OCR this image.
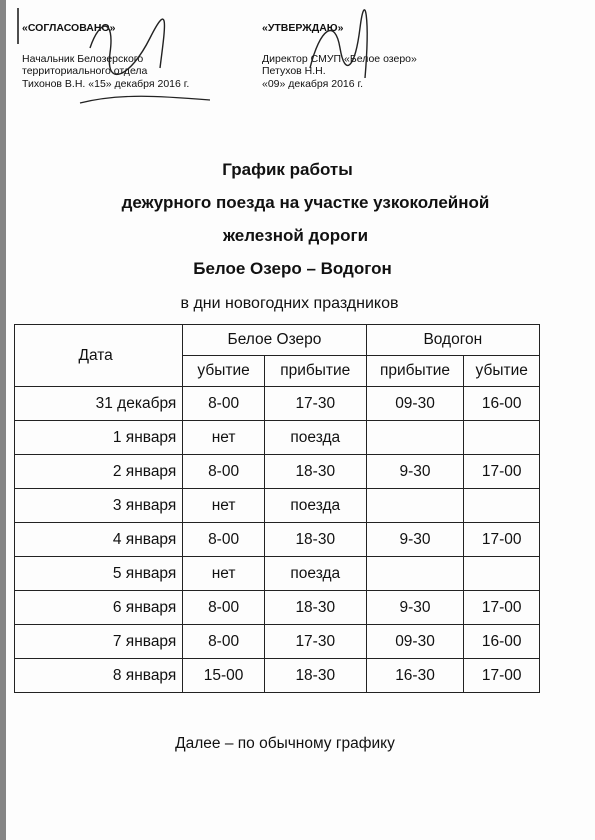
«СОГЛАСОВАНО»
Начальник Белозерского
территориального отдела
Тихонов В.Н. «15» декабря 2016 г.
«УТВЕРЖДАЮ»
Директор СМУП «Белое озеро»
Петухов Н.Н.
«09» декабря 2016 г.
График работы
дежурного поезда на участке узкоколейной
железной дороги
Белое Озеро – Водогон
в дни новогодних праздников
Дата	Белое Озеро		Водогон	
	убытие	прибытие	прибытие	убытие
31 декабря	8-00	17-30	09-30	16-00
1 января	нет	поезда		
2 января	8-00	18-30	9-30	17-00
3 января	нет	поезда		
4 января	8-00	18-30	9-30	17-00
5 января	нет	поезда		
6 января	8-00	18-30	9-30	17-00
7 января	8-00	17-30	09-30	16-00
8 января	15-00	18-30	16-30	17-00
Далее – по обычному графику
